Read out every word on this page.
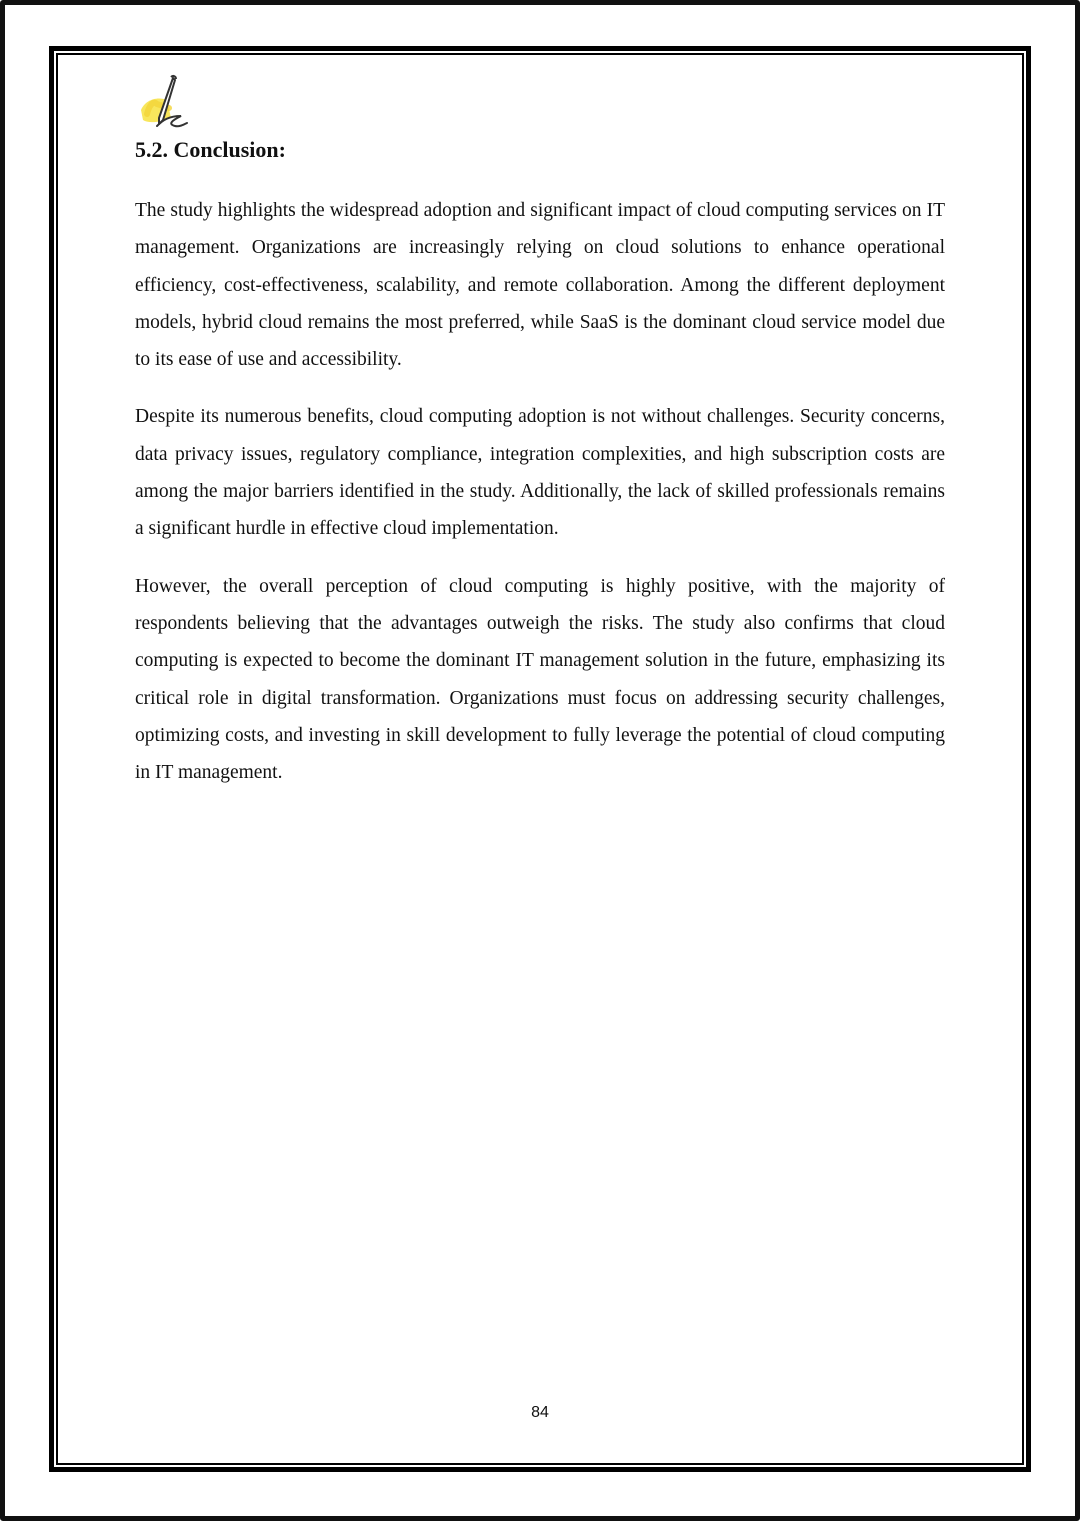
5.2. Conclusion:

The study highlights the widespread adoption and significant impact of cloud computing services on IT management. Organizations are increasingly relying on cloud solutions to enhance operational efficiency, cost-effectiveness, scalability, and remote collaboration. Among the different deployment models, hybrid cloud remains the most preferred, while SaaS is the dominant cloud service model due to its ease of use and accessibility.

Despite its numerous benefits, cloud computing adoption is not without challenges. Security concerns, data privacy issues, regulatory compliance, integration complexities, and high subscription costs are among the major barriers identified in the study. Additionally, the lack of skilled professionals remains a significant hurdle in effective cloud implementation.

However, the overall perception of cloud computing is highly positive, with the majority of respondents believing that the advantages outweigh the risks. The study also confirms that cloud computing is expected to become the dominant IT management solution in the future, emphasizing its critical role in digital transformation. Organizations must focus on addressing security challenges, optimizing costs, and investing in skill development to fully leverage the potential of cloud computing in IT management.

84
